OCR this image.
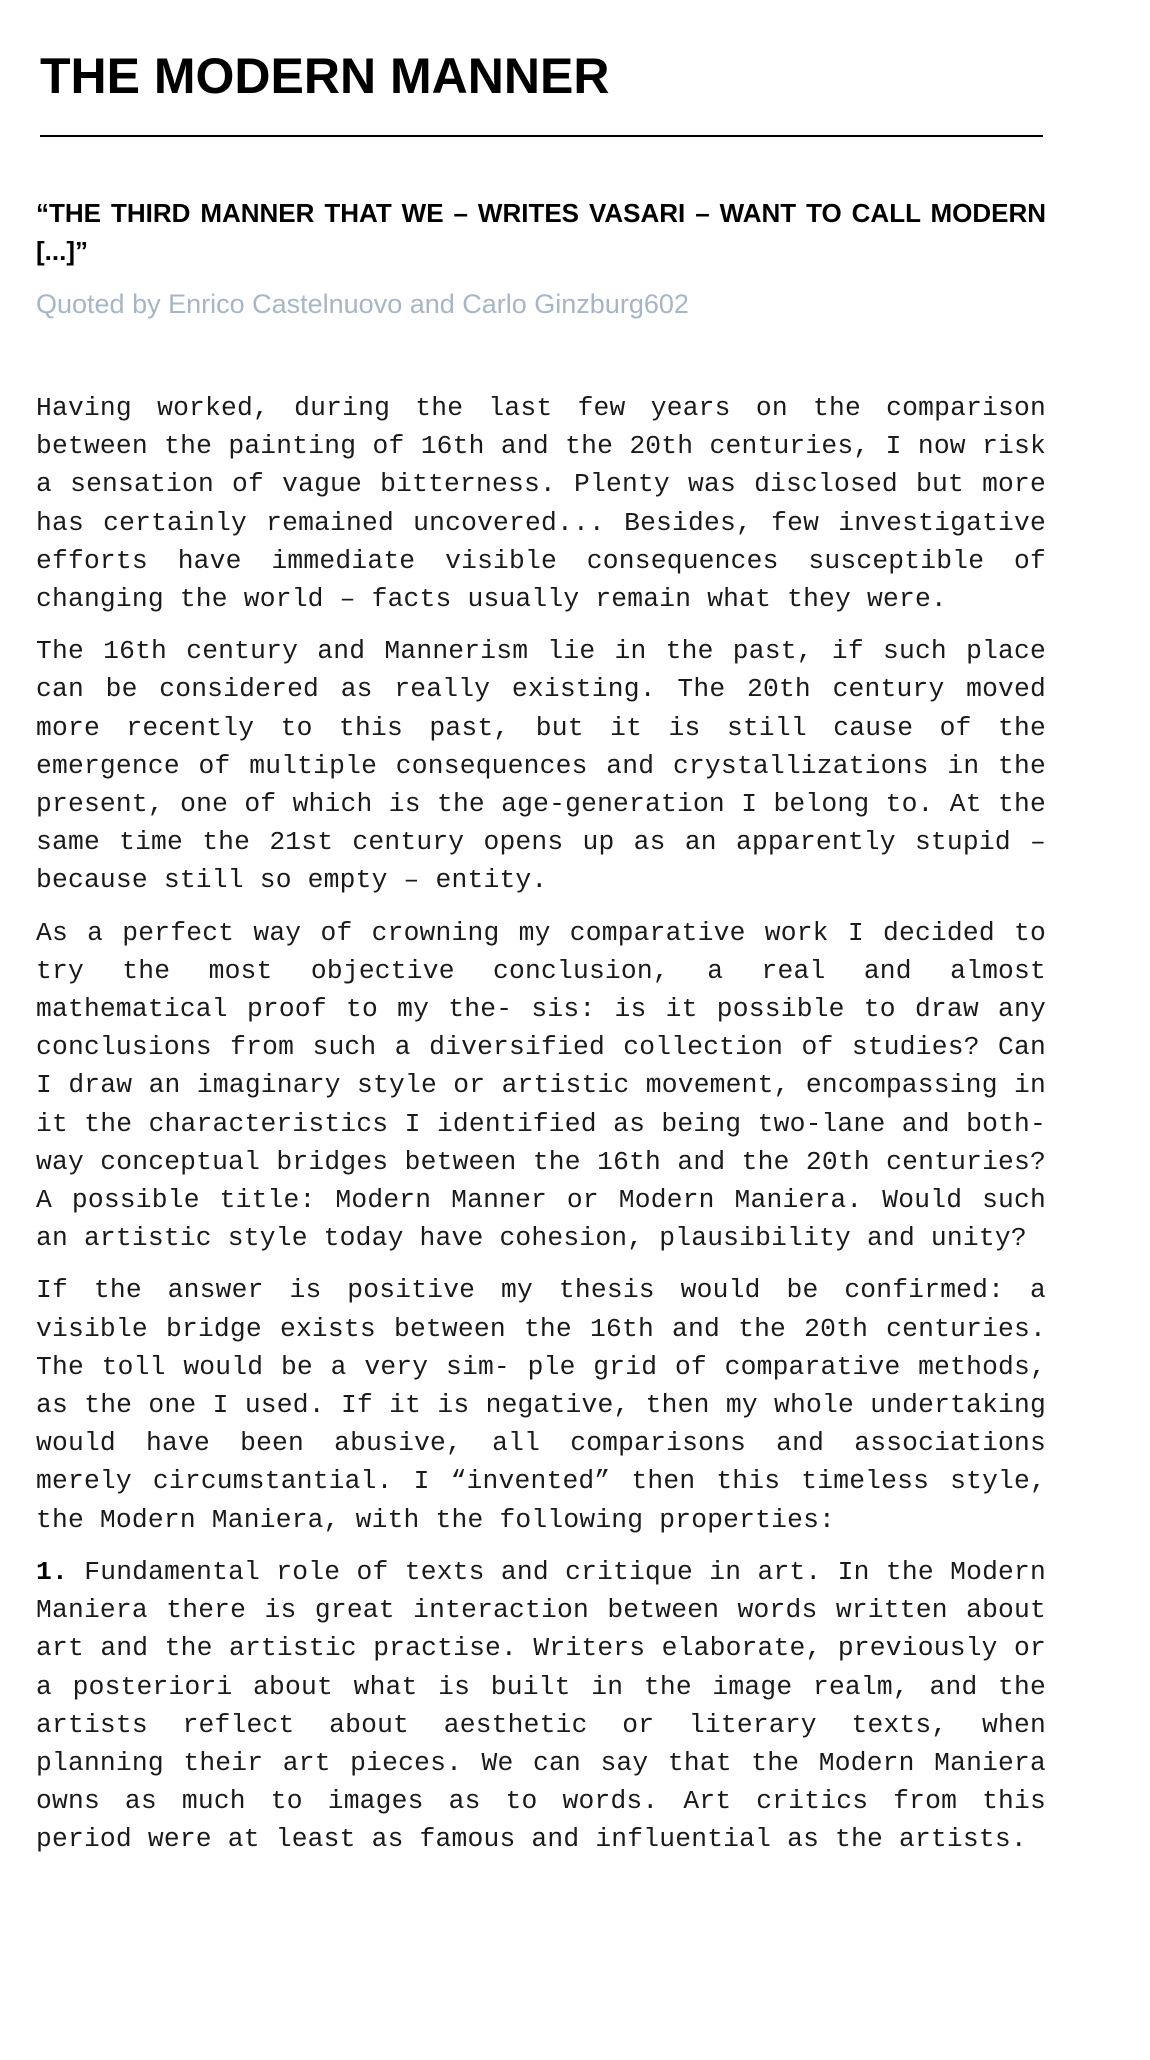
THE MODERN MANNER
“THE THIRD MANNER THAT WE – WRITES VASARI – WANT TO CALL MODERN [...]”

Quoted by Enrico Castelnuovo and Carlo Ginzburg602

Having worked, during the last few years on the comparison between the painting of 16th and the 20th centuries, I now risk a sensation of vague bitterness. Plenty was disclosed but more has certainly remained uncovered... Besides, few investigative efforts have immediate visible consequences susceptible of changing the world – facts usually remain what they were.

The 16th century and Mannerism lie in the past, if such place can be considered as really existing. The 20th century moved more recently to this past, but it is still cause of the emergence of multiple consequences and crystallizations in the present, one of which is the age-generation I belong to. At the same time the 21st century opens up as an apparently stupid – because still so empty – entity.

As a perfect way of crowning my comparative work I decided to try the most objective conclusion, a real and almost mathematical proof to my the- sis: is it possible to draw any conclusions from such a diversified collection of studies? Can I draw an imaginary style or artistic movement, encompassing in it the characteristics I identified as being two-lane and both-way conceptual bridges between the 16th and the 20th centuries? A possible title: Modern Manner or Modern Maniera. Would such an artistic style today have cohesion, plausibility and unity?

If the answer is positive my thesis would be confirmed: a visible bridge exists between the 16th and the 20th centuries. The toll would be a very sim- ple grid of comparative methods, as the one I used. If it is negative, then my whole undertaking would have been abusive, all comparisons and associations merely circumstantial. I “invented” then this timeless style, the Modern Maniera, with the following properties:

1. Fundamental role of texts and critique in art. In the Modern Maniera there is great interaction between words written about art and the artistic practise. Writers elaborate, previously or a posteriori about what is built in the image realm, and the artists reflect about aesthetic or literary texts, when planning their art pieces. We can say that the Modern Maniera owns as much to images as to words. Art critics from this period were at least as famous and influential as the artists.
